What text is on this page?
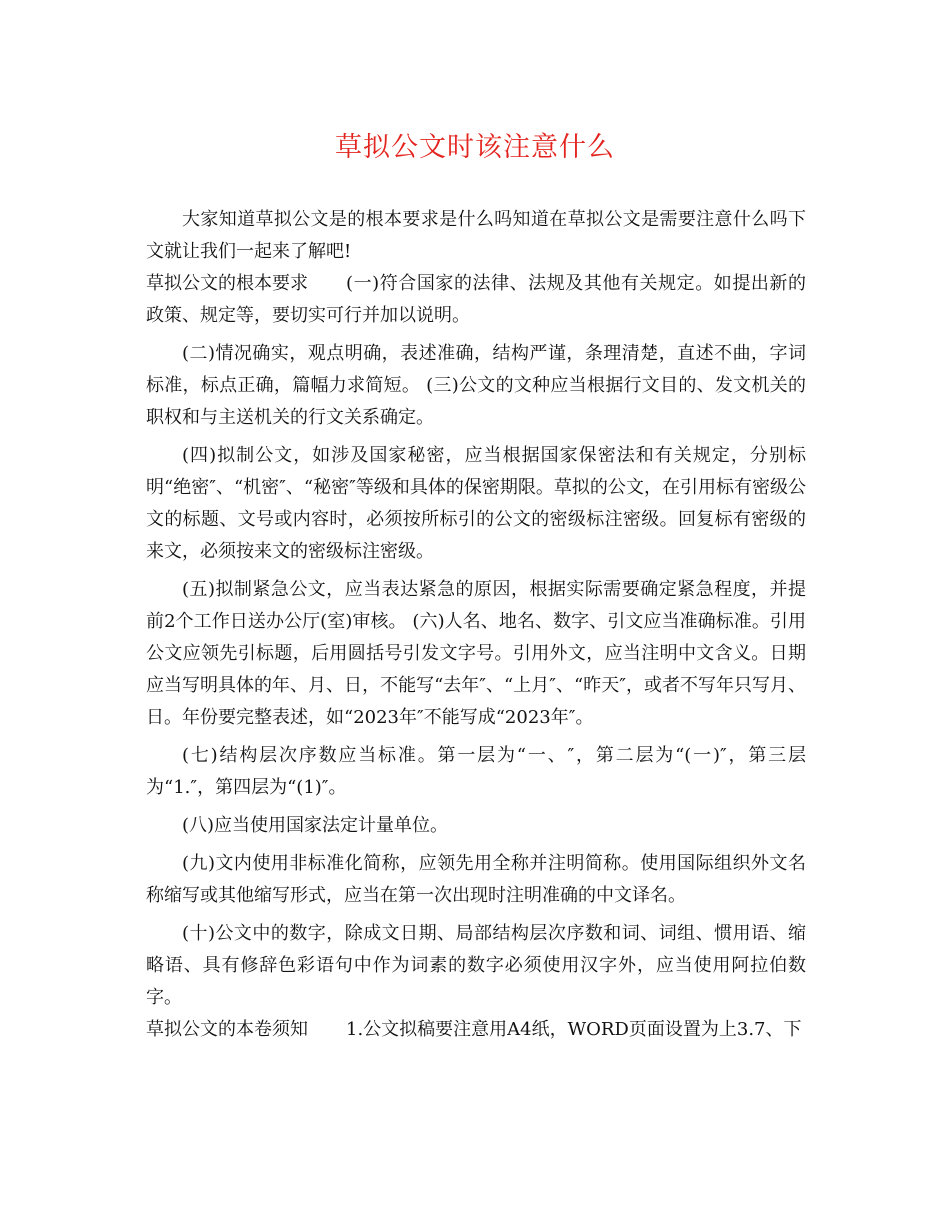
草拟公文时该注意什么

大家知道草拟公文是的根本要求是什么吗知道在草拟公文是需要注意什么吗下文就让我们一起来了解吧!

草拟公文的根本要求 (一)符合国家的法律、法规及其他有关规定。如提出新的政策、规定等，要切实可行并加以说明。

(二)情况确实，观点明确，表述准确，结构严谨，条理清楚，直述不曲，字词标准，标点正确，篇幅力求简短。 (三)公文的文种应当根据行文目的、发文机关的职权和与主送机关的行文关系确定。

(四)拟制公文，如涉及国家秘密，应当根据国家保密法和有关规定，分别标明“绝密″、“机密″、“秘密″等级和具体的保密期限。草拟的公文，在引用标有密级公文的标题、文号或内容时，必须按所标引的公文的密级标注密级。回复标有密级的来文，必须按来文的密级标注密级。

(五)拟制紧急公文，应当表达紧急的原因，根据实际需要确定紧急程度，并提前2个工作日送办公厅(室)审核。 (六)人名、地名、数字、引文应当准确标准。引用公文应领先引标题，后用圆括号引发文字号。引用外文，应当注明中文含义。日期应当写明具体的年、月、日，不能写“去年″、“上月″、“昨天″，或者不写年只写月、日。年份要完整表述，如“2023年″不能写成“2023年″。

(七)结构层次序数应当标准。第一层为“一、″，第二层为“(一)″，第三层为“1.″，第四层为“(1)″。

(八)应当使用国家法定计量单位。

(九)文内使用非标准化简称，应领先用全称并注明简称。使用国际组织外文名称缩写或其他缩写形式，应当在第一次出现时注明准确的中文译名。

(十)公文中的数字，除成文日期、局部结构层次序数和词、词组、惯用语、缩略语、具有修辞色彩语句中作为词素的数字必须使用汉字外，应当使用阿拉伯数字。

草拟公文的本卷须知 1.公文拟稿要注意用A4纸，WORD页面设置为上3.7、下
